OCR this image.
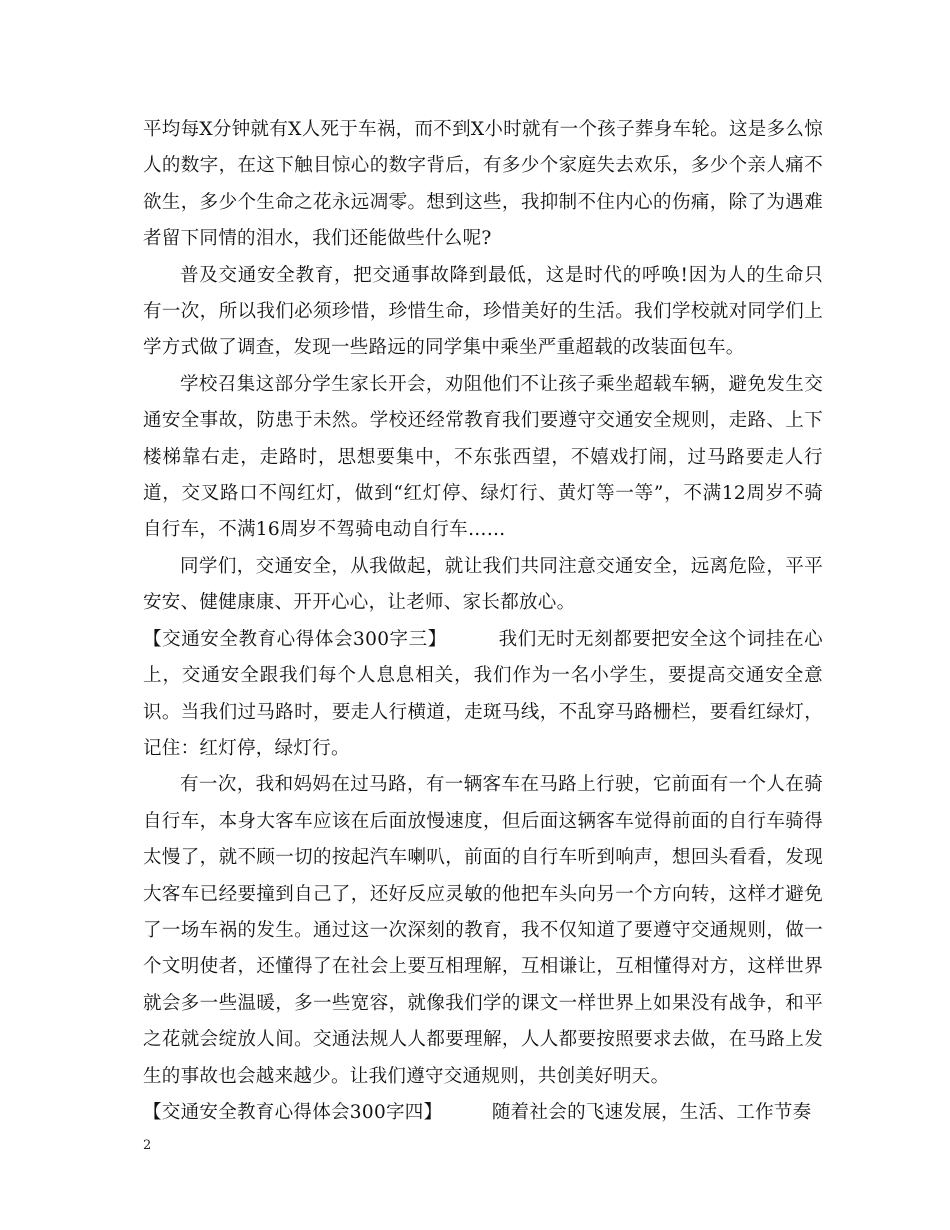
平均每X分钟就有X人死于车祸，而不到X小时就有一个孩子葬身车轮。这是多么惊人的数字，在这下触目惊心的数字背后，有多少个家庭失去欢乐，多少个亲人痛不欲生，多少个生命之花永远凋零。想到这些，我抑制不住内心的伤痛，除了为遇难者留下同情的泪水，我们还能做些什么呢?

普及交通安全教育，把交通事故降到最低，这是时代的呼唤!因为人的生命只有一次，所以我们必须珍惜，珍惜生命，珍惜美好的生活。我们学校就对同学们上学方式做了调查，发现一些路远的同学集中乘坐严重超载的改装面包车。

学校召集这部分学生家长开会，劝阻他们不让孩子乘坐超载车辆，避免发生交通安全事故，防患于未然。学校还经常教育我们要遵守交通安全规则，走路、上下楼梯靠右走，走路时，思想要集中，不东张西望，不嬉戏打闹，过马路要走人行道，交叉路口不闯红灯，做到“红灯停、绿灯行、黄灯等一等”，不满12周岁不骑自行车，不满16周岁不驾骑电动自行车……

同学们，交通安全，从我做起，就让我们共同注意交通安全，远离危险，平平安安、健健康康、开开心心，让老师、家长都放心。

【交通安全教育心得体会300字三】	我们无时无刻都要把安全这个词挂在心上，交通安全跟我们每个人息息相关，我们作为一名小学生，要提高交通安全意识。当我们过马路时，要走人行横道，走斑马线，不乱穿马路栅栏，要看红绿灯，记住：红灯停，绿灯行。

有一次，我和妈妈在过马路，有一辆客车在马路上行驶，它前面有一个人在骑自行车，本身大客车应该在后面放慢速度，但后面这辆客车觉得前面的自行车骑得太慢了，就不顾一切的按起汽车喇叭，前面的自行车听到响声，想回头看看，发现大客车已经要撞到自己了，还好反应灵敏的他把车头向另一个方向转，这样才避免了一场车祸的发生。通过这一次深刻的教育，我不仅知道了要遵守交通规则，做一个文明使者，还懂得了在社会上要互相理解，互相谦让，互相懂得对方，这样世界就会多一些温暖，多一些宽容，就像我们学的课文一样世界上如果没有战争，和平之花就会绽放人间。交通法规人人都要理解，人人都要按照要求去做，在马路上发生的事故也会越来越少。让我们遵守交通规则，共创美好明天。

【交通安全教育心得体会300字四】	随着社会的飞速发展，生活、工作节奏

2
